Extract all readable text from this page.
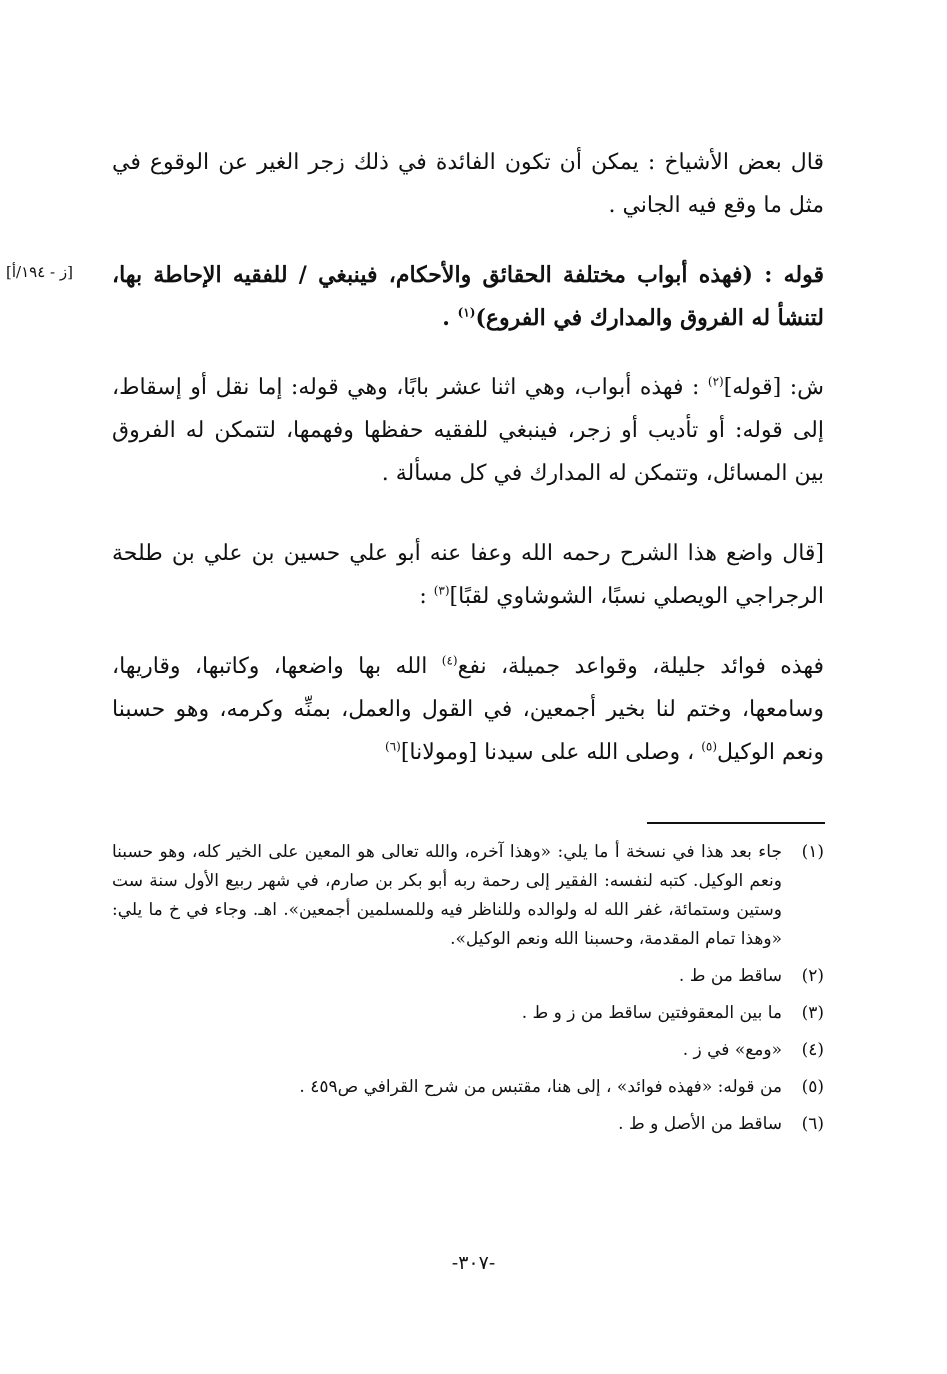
قال بعض الأشياخ : يمكن أن تكون الفائدة في ذلك زجر الغير عن الوقوع في مثل ما وقع فيه الجاني .

قوله : (فهذه أبواب مختلفة الحقائق والأحكام، فينبغي / للفقيه الإحاطة بها، لتنشأ له الفروق والمدارك في الفروع)$^{(١)}$ .

[ز - ١٩٤/أ]

ش: [قوله]$^{(٢)}$ : فهذه أبواب، وهي اثنا عشر بابًا، وهي قوله: إما نقل أو إسقاط، إلى قوله: أو تأديب أو زجر، فينبغي للفقيه حفظها وفهمها، لتتمكن له الفروق بين المسائل، وتتمكن له المدارك في كل مسألة .

[قال واضع هذا الشرح رحمه الله وعفا عنه أبو علي حسين بن علي بن طلحة الرجراجي الويصلي نسبًا، الشوشاوي لقبًا]$^{(٣)}$ :

فهذه فوائد جليلة، وقواعد جميلة، نفع$^{(٤)}$ الله بها واضعها، وكاتبها، وقاريها، وسامعها، وختم لنا بخير أجمعين، في القول والعمل، بمنِّه وكرمه، وهو حسبنا ونعم الوكيل$^{(٥)}$ ، وصلى الله على سيدنا [ومولانا]$^{(٦)}$

(١)
جاء بعد هذا في نسخة أ ما يلي: «وهذا آخره، والله تعالى هو المعين على الخير كله، وهو حسبنا ونعم الوكيل. كتبه لنفسه: الفقير إلى رحمة ربه أبو بكر بن صارم، في شهر ربيع الأول سنة ست وستين وستمائة، غفر الله له ولوالده وللناظر فيه وللمسلمين أجمعين». اهـ. وجاء في خ ما يلي: «وهذا تمام المقدمة، وحسبنا الله ونعم الوكيل».

(٢)
ساقط من ط .

(٣)
ما بين المعقوفتين ساقط من ز و ط .

(٤)
«ومع» في ز .

(٥)
من قوله: «فهذه فوائد» ، إلى هنا، مقتبس من شرح القرافي ص٤٥٩ .

(٦)
ساقط من الأصل و ط .

-٣٠٧-
